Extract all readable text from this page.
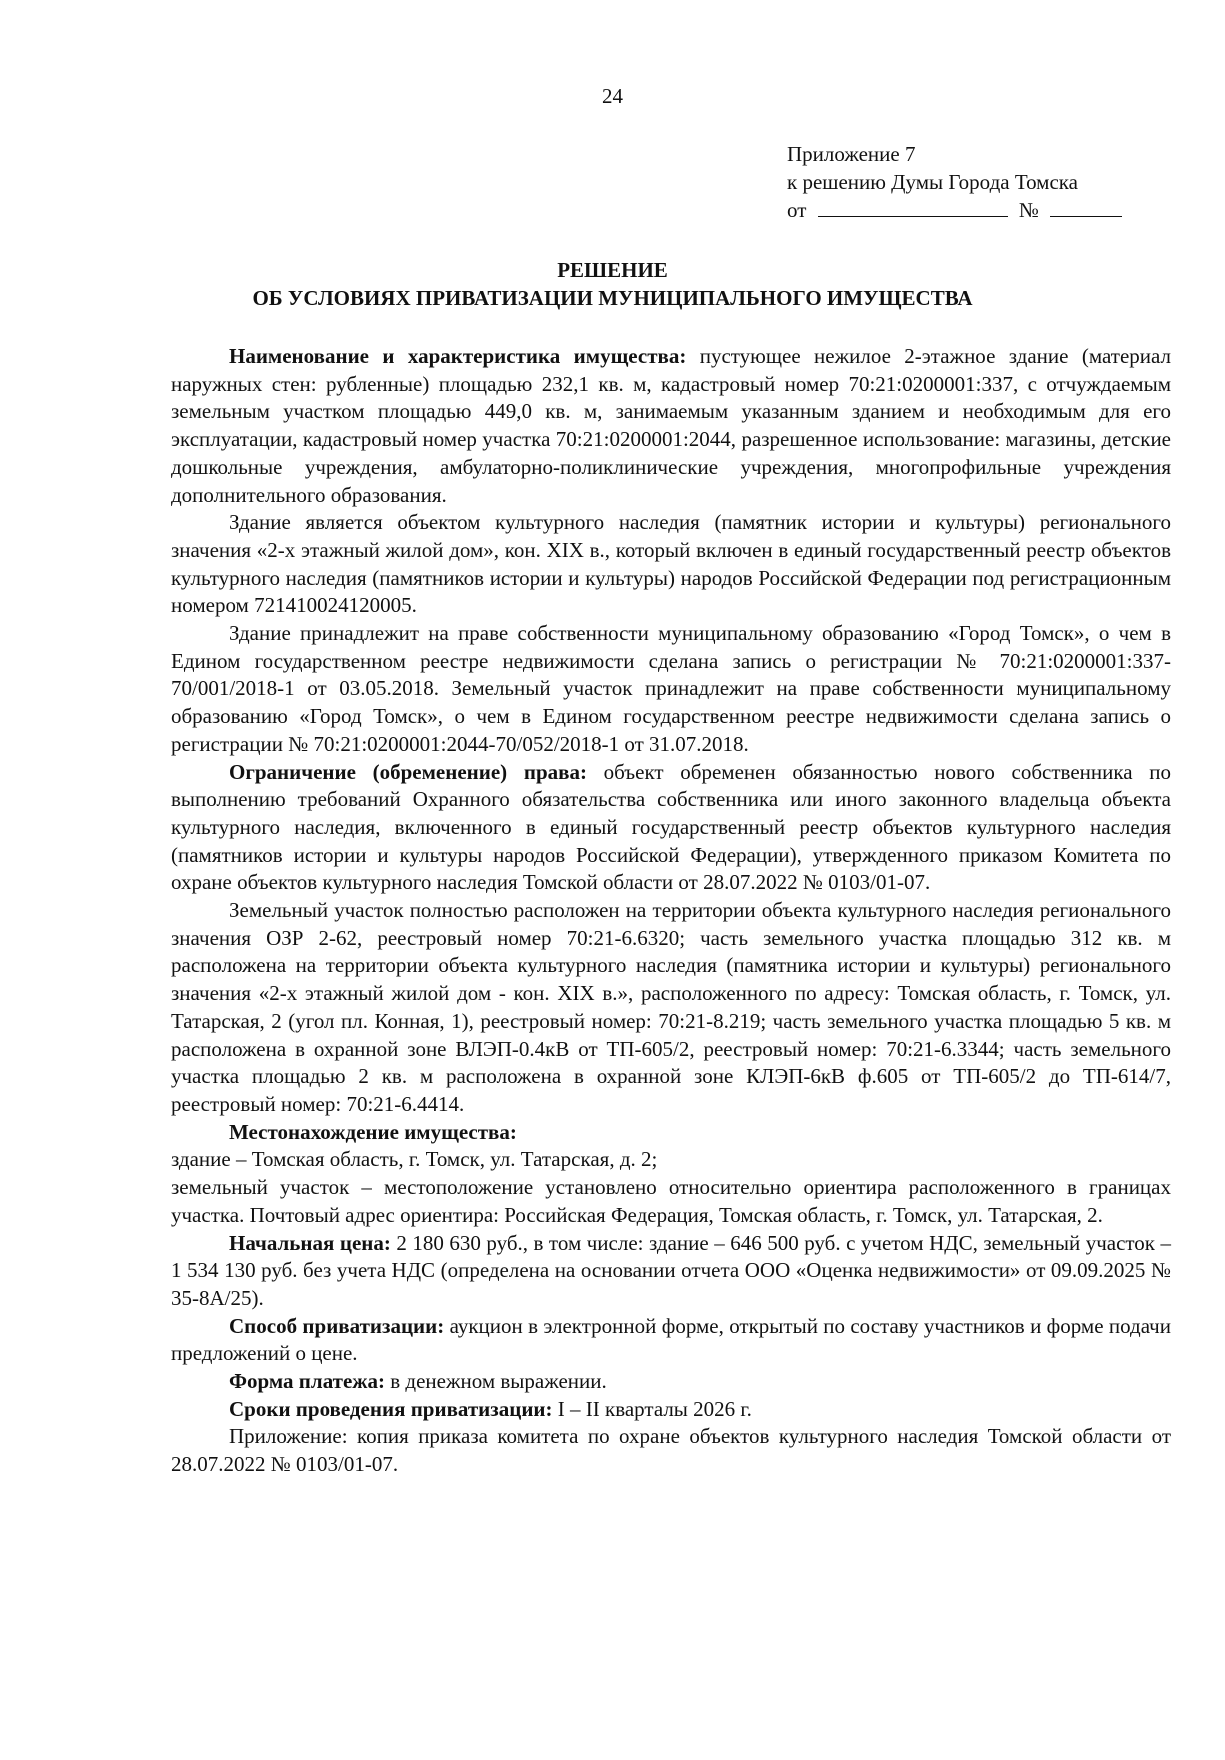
24
Приложение 7
к решению Думы Города Томска
от	№
РЕШЕНИЕ
ОБ УСЛОВИЯХ ПРИВАТИЗАЦИИ МУНИЦИПАЛЬНОГО ИМУЩЕСТВА

Наименование и характеристика имущества: пустующее нежилое 2-этажное здание (материал наружных стен: рубленные) площадью 232,1 кв. м, кадастровый номер 70:21:0200001:337, с отчуждаемым земельным участком площадью 449,0 кв. м, занимаемым указанным зданием и необходимым для его эксплуатации, кадастровый номер участка 70:21:0200001:2044, разрешенное использование: магазины, детские дошкольные учреждения, амбулаторно-поликлинические учреждения, многопрофильные учреждения дополнительного образования.

Здание является объектом культурного наследия (памятник истории и культуры) регионального значения «2-х этажный жилой дом», кон. XIX в., который включен в единый государственный реестр объектов культурного наследия (памятников истории и культуры) народов Российской Федерации под регистрационным номером 721410024120005.

Здание принадлежит на праве собственности муниципальному образованию «Город Томск», о чем в Едином государственном реестре недвижимости сделана запись о регистрации № 70:21:0200001:337-70/001/2018-1 от 03.05.2018. Земельный участок принадлежит на праве собственности муниципальному образованию «Город Томск», о чем в Едином государственном реестре недвижимости сделана запись о регистрации № 70:21:0200001:2044-70/052/2018-1 от 31.07.2018.

Ограничение (обременение) права: объект обременен обязанностью нового собственника по выполнению требований Охранного обязательства собственника или иного законного владельца объекта культурного наследия, включенного в единый государственный реестр объектов культурного наследия (памятников истории и культуры народов Российской Федерации), утвержденного приказом Комитета по охране объектов культурного наследия Томской области от 28.07.2022 № 0103/01-07.

Земельный участок полностью расположен на территории объекта культурного наследия регионального значения ОЗР 2-62, реестровый номер 70:21-6.6320; часть земельного участка площадью 312 кв. м расположена на территории объекта культурного наследия (памятника истории и культуры) регионального значения «2-х этажный жилой дом - кон. XIX в.», расположенного по адресу: Томская область, г. Томск, ул. Татарская, 2 (угол пл. Конная, 1), реестровый номер: 70:21-8.219; часть земельного участка площадью 5 кв. м расположена в охранной зоне ВЛЭП-0.4кВ от ТП-605/2, реестровый номер: 70:21-6.3344; часть земельного участка площадью 2 кв. м расположена в охранной зоне КЛЭП-6кВ ф.605 от ТП-605/2 до ТП-614/7, реестровый номер: 70:21-6.4414.

Местонахождение имущества:

здание – Томская область, г. Томск, ул. Татарская, д. 2;

земельный участок – местоположение установлено относительно ориентира расположенного в границах участка. Почтовый адрес ориентира: Российская Федерация, Томская область, г. Томск, ул. Татарская, 2.

Начальная цена: 2 180 630 руб., в том числе: здание – 646 500 руб. с учетом НДС, земельный участок – 1 534 130 руб. без учета НДС (определена на основании отчета ООО «Оценка недвижимости» от 09.09.2025 № 35-8А/25).

Способ приватизации: аукцион в электронной форме, открытый по составу участников и форме подачи предложений о цене.

Форма платежа: в денежном выражении.

Сроки проведения приватизации: I – II кварталы 2026 г.

Приложение: копия приказа комитета по охране объектов культурного наследия Томской области от 28.07.2022 № 0103/01-07.
